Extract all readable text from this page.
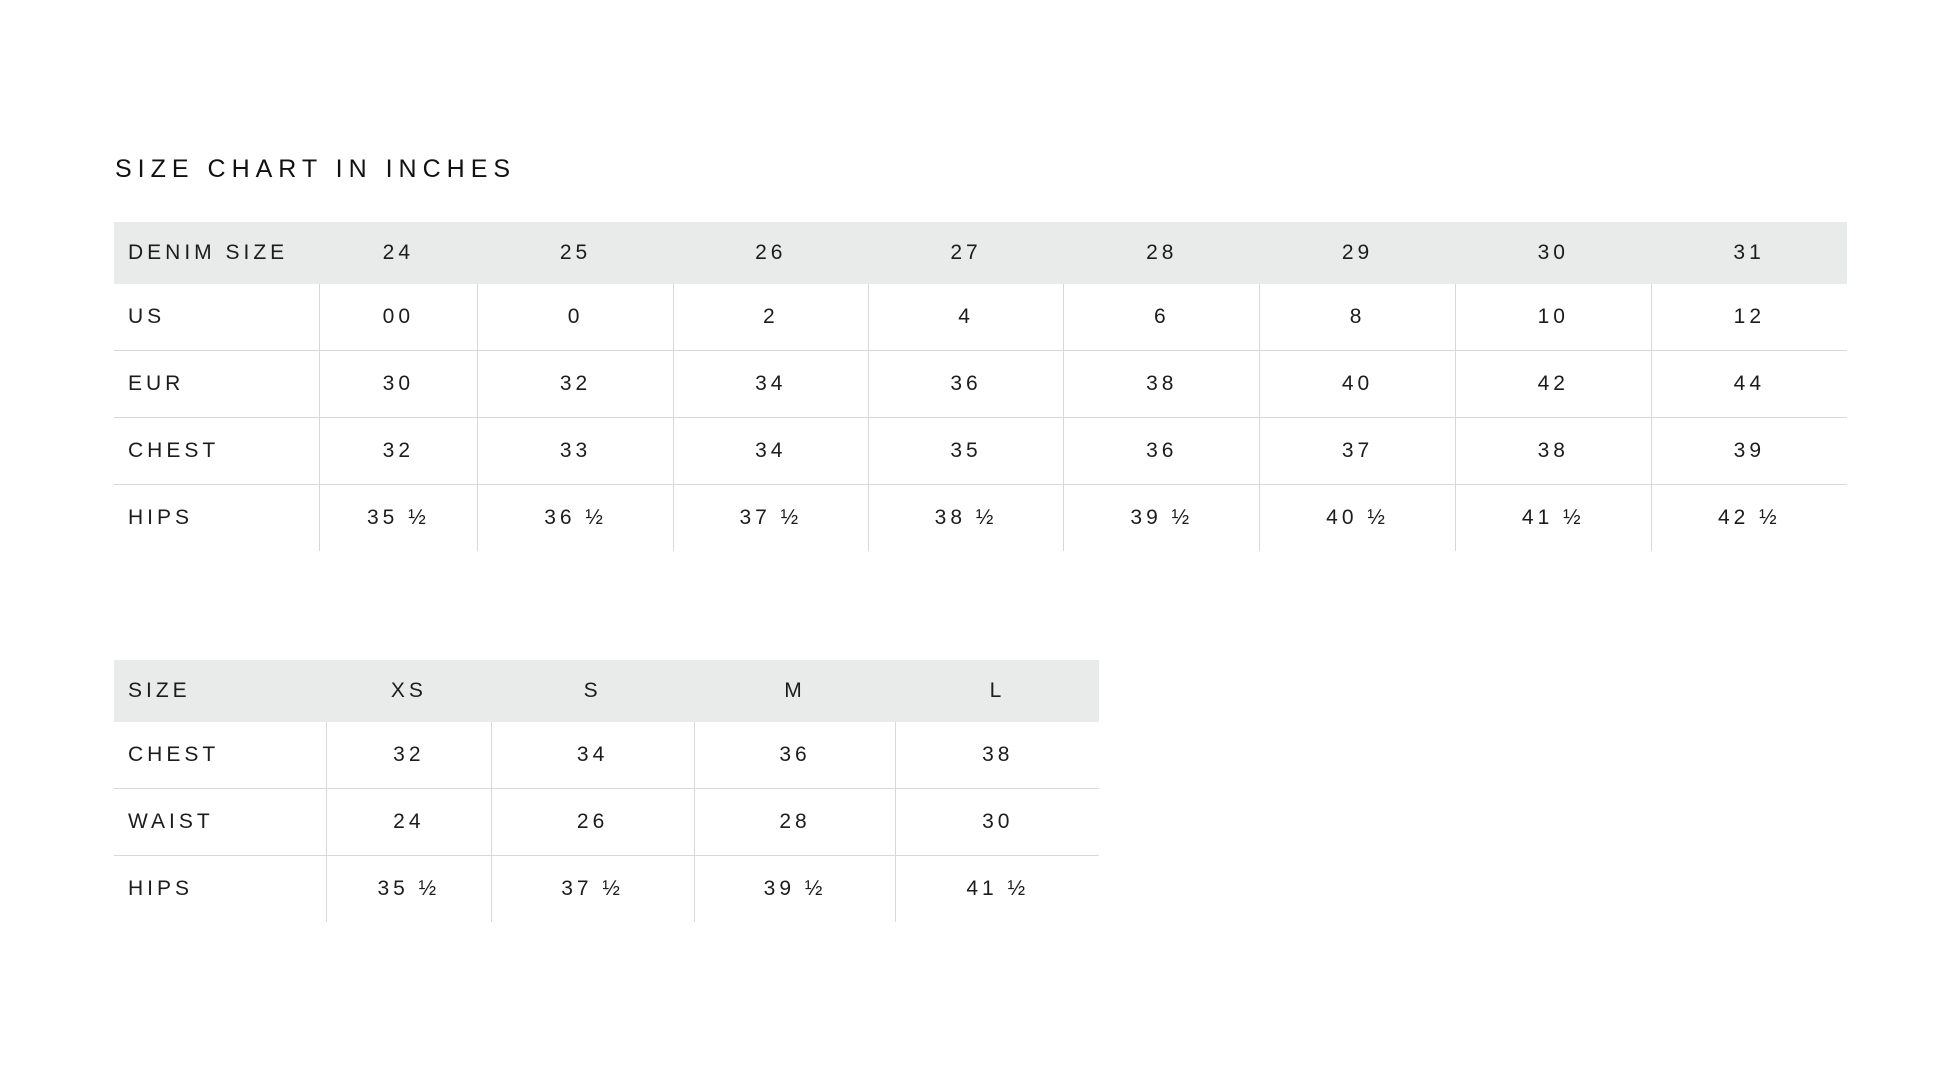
SIZE CHART IN INCHES
DENIM SIZE	24	25	26	27	28	29	30	31
US	00	0	2	4	6	8	10	12
EUR	30	32	34	36	38	40	42	44
CHEST	32	33	34	35	36	37	38	39
HIPS	35 ½	36 ½	37 ½	38 ½	39 ½	40 ½	41 ½	42 ½
SIZE	XS	S	M	L
CHEST	32	34	36	38
WAIST	24	26	28	30
HIPS	35 ½	37 ½	39 ½	41 ½
